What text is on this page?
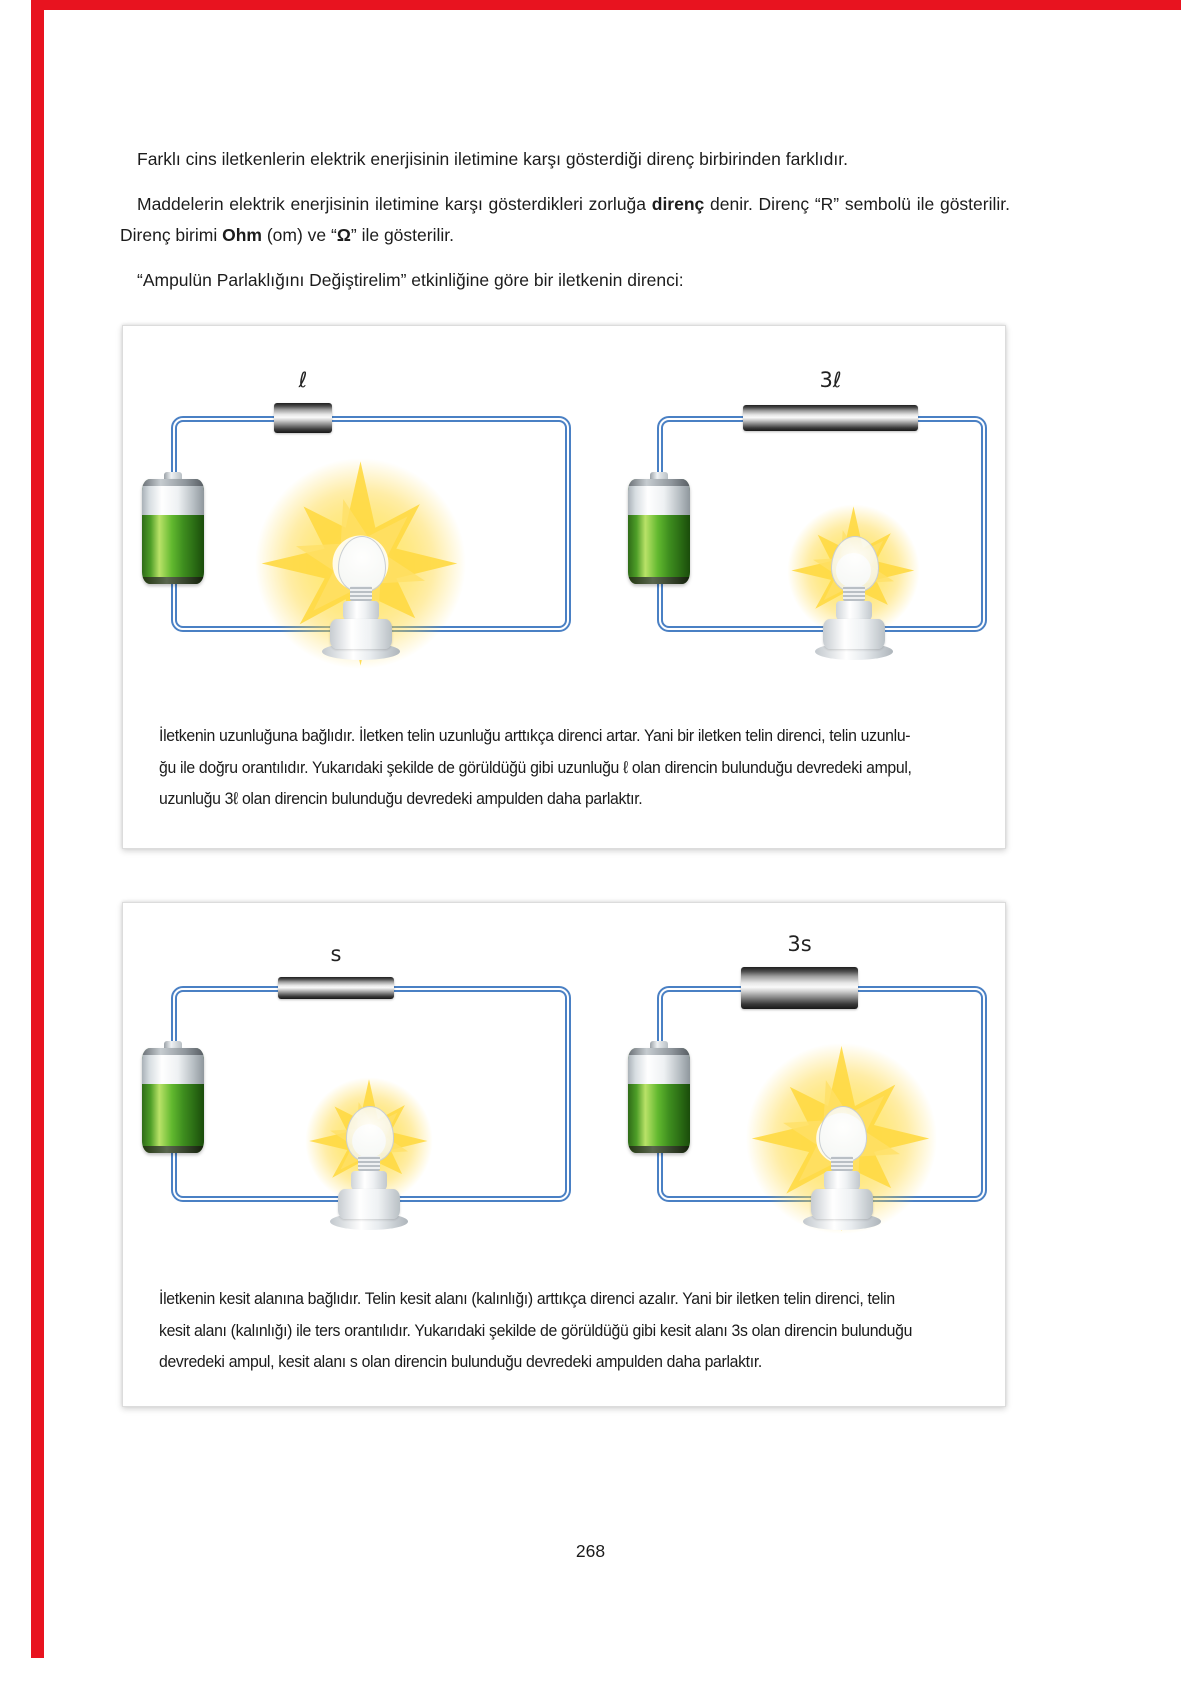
Farklı cins iletkenlerin elektrik enerjisinin iletimine karşı gösterdiği direnç birbirinden farklıdır.

Maddelerin elektrik enerjisinin iletimine karşı gösterdikleri zorluğa direnç denir. Direnç “R” sembolü ile gösterilir. Direnç birimi Ohm (om) ve “Ω” ile gösterilir.

“Ampulün Parlaklığını Değiştirelim” etkinliğine göre bir iletkenin direnci:

ℓ	3ℓ

İletkenin uzunluğuna bağlıdır. İletken telin uzunluğu arttıkça direnci artar. Yani bir iletken telin direnci, telin uzunlu-
ğu ile doğru orantılıdır. Yukarıdaki şekilde de görüldüğü gibi uzunluğu ℓ olan direncin bulunduğu devredeki ampul,
uzunluğu 3ℓ olan direncin bulunduğu devredeki ampulden daha parlaktır.

s	3s

İletkenin kesit alanına bağlıdır. Telin kesit alanı (kalınlığı) arttıkça direnci azalır. Yani bir iletken telin direnci, telin
kesit alanı (kalınlığı) ile ters orantılıdır. Yukarıdaki şekilde de görüldüğü gibi kesit alanı 3s olan direncin bulunduğu
devredeki ampul, kesit alanı s olan direncin bulunduğu devredeki ampulden daha parlaktır.

268
